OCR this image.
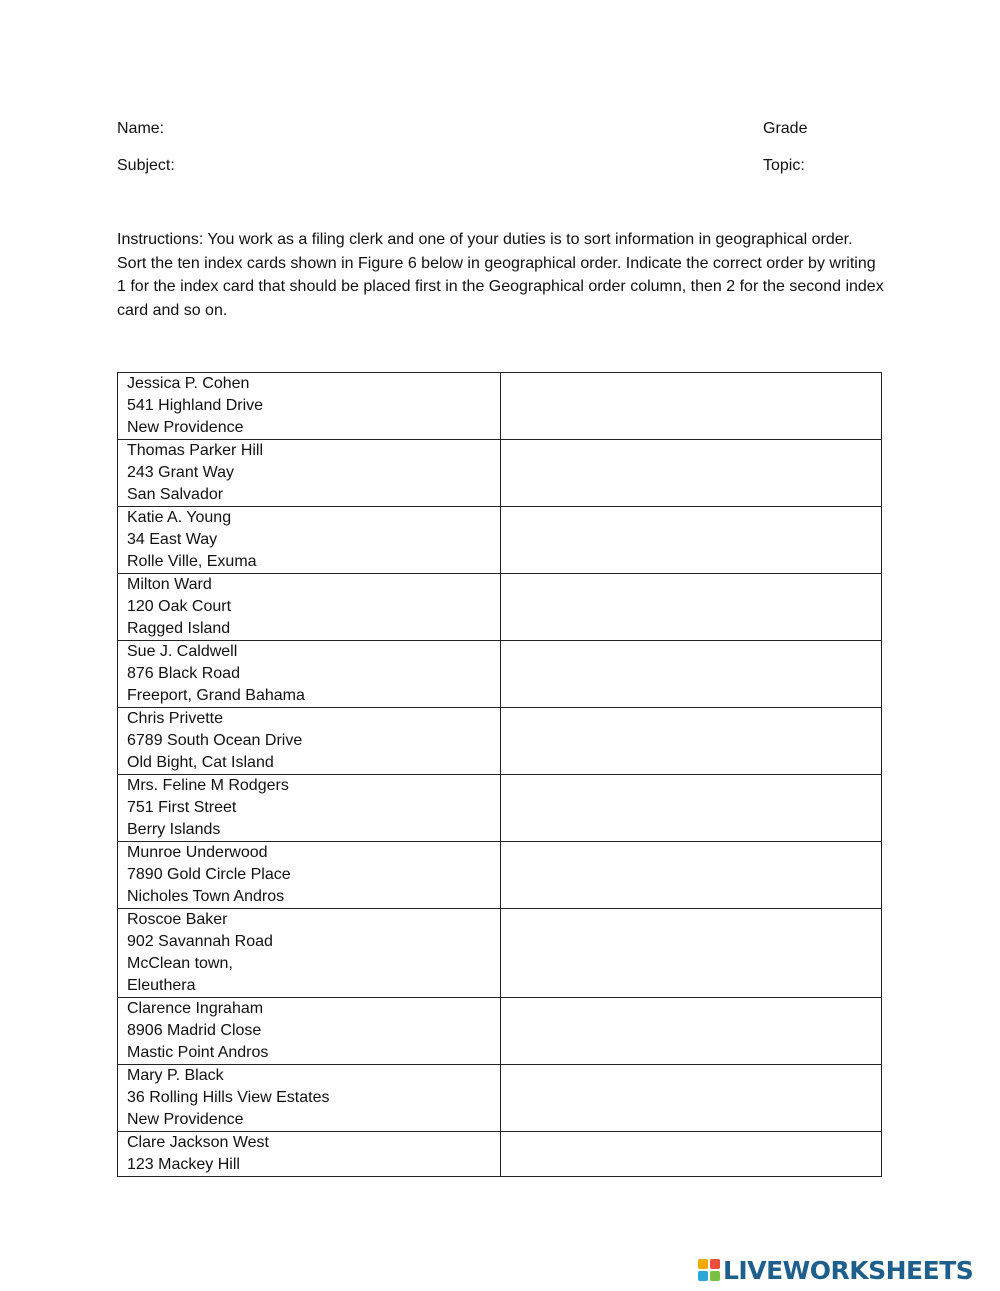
Name:	Grade
Subject:	Topic:

Instructions: You work as a filing clerk and one of your duties is to sort information in geographical order. Sort the ten index cards shown in Figure 6 below in geographical order. Indicate the correct order by writing 1 for the index card that should be placed first in the Geographical order column, then 2 for the second index card and so on.

Jessica P. Cohen
541 Highland Drive
New Providence	

Thomas Parker Hill
243 Grant Way
San Salvador	

Katie A. Young
34 East Way
Rolle Ville, Exuma	

Milton Ward
120 Oak Court
Ragged Island	

Sue J. Caldwell
876 Black Road
Freeport, Grand Bahama	

Chris Privette
6789 South Ocean Drive
Old Bight, Cat Island	

Mrs. Feline M Rodgers
751 First Street
Berry Islands	

Munroe Underwood
7890 Gold Circle Place
Nicholes Town Andros	

Roscoe Baker
902 Savannah Road
McClean town,
Eleuthera	

Clarence Ingraham
8906 Madrid Close
Mastic Point Andros	

Mary P. Black
36 Rolling Hills View Estates
New Providence	

Clare Jackson West
123 Mackey Hill	

LIVEWORKSHEETS
